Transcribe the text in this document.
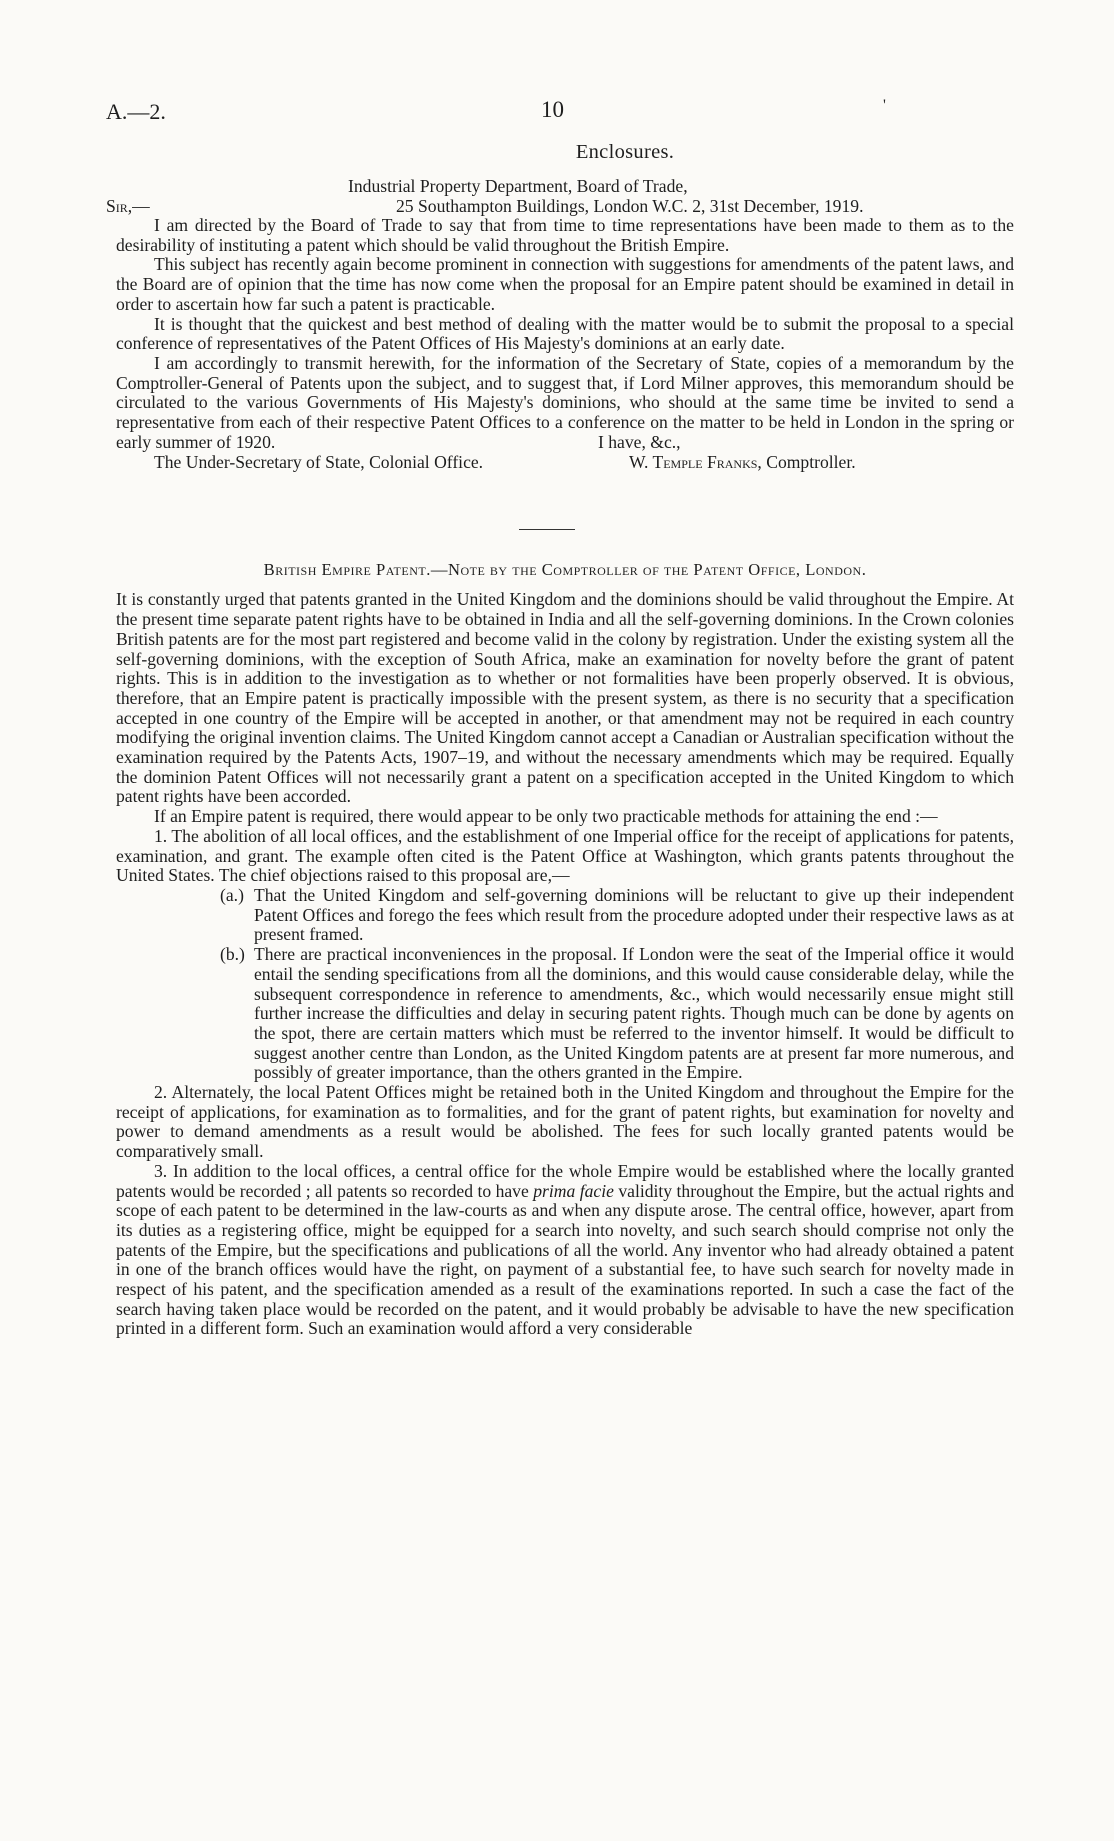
A.—2.	10	'
Enclosures.
Industrial Property Department, Board of Trade,
Sir,—	25 Southampton Buildings, London W.C. 2, 31st December, 1919.

I am directed by the Board of Trade to say that from time to time representations have been made to them as to the desirability of instituting a patent which should be valid throughout the British Empire.

This subject has recently again become prominent in connection with suggestions for amendments of the patent laws, and the Board are of opinion that the time has now come when the proposal for an Empire patent should be examined in detail in order to ascertain how far such a patent is practicable.

It is thought that the quickest and best method of dealing with the matter would be to submit the proposal to a special conference of representatives of the Patent Offices of His Majesty's dominions at an early date.

I am accordingly to transmit herewith, for the information of the Secretary of State, copies of a memorandum by the Comptroller-General of Patents upon the subject, and to suggest that, if Lord Milner approves, this memorandum should be circulated to the various Governments of His Majesty's dominions, who should at the same time be invited to send a representative from each of their respective Patent Offices to a conference on the matter to be held in London in the spring or early summer of 1920.	I have, &c.,
The Under-Secretary of State, Colonial Office.	W. Temple Franks, Comptroller.
British Empire Patent.—Note by the Comptroller of the Patent Office, London.

It is constantly urged that patents granted in the United Kingdom and the dominions should be valid throughout the Empire. At the present time separate patent rights have to be obtained in India and all the self-governing dominions. In the Crown colonies British patents are for the most part registered and become valid in the colony by registration. Under the existing system all the self-governing dominions, with the exception of South Africa, make an examination for novelty before the grant of patent rights. This is in addition to the investigation as to whether or not formalities have been properly observed. It is obvious, therefore, that an Empire patent is practically impossible with the present system, as there is no security that a specification accepted in one country of the Empire will be accepted in another, or that amendment may not be required in each country modifying the original invention claims. The United Kingdom cannot accept a Canadian or Australian specification without the examination required by the Patents Acts, 1907–19, and without the necessary amendments which may be required. Equally the dominion Patent Offices will not necessarily grant a patent on a specification accepted in the United Kingdom to which patent rights have been accorded.

If an Empire patent is required, there would appear to be only two practicable methods for attaining the end :—

1. The abolition of all local offices, and the establishment of one Imperial office for the receipt of applications for patents, examination, and grant. The example often cited is the Patent Office at Washington, which grants patents throughout the United States. The chief objections raised to this proposal are,—

(a.) That the United Kingdom and self-governing dominions will be reluctant to give up their independent Patent Offices and forego the fees which result from the procedure adopted under their respective laws as at present framed.

(b.) There are practical inconveniences in the proposal. If London were the seat of the Imperial office it would entail the sending specifications from all the dominions, and this would cause considerable delay, while the subsequent correspondence in reference to amendments, &c., which would necessarily ensue might still further increase the difficulties and delay in securing patent rights. Though much can be done by agents on the spot, there are certain matters which must be referred to the inventor himself. It would be difficult to suggest another centre than London, as the United Kingdom patents are at present far more numerous, and possibly of greater importance, than the others granted in the Empire.

2. Alternately, the local Patent Offices might be retained both in the United Kingdom and throughout the Empire for the receipt of applications, for examination as to formalities, and for the grant of patent rights, but examination for novelty and power to demand amendments as a result would be abolished. The fees for such locally granted patents would be comparatively small.

3. In addition to the local offices, a central office for the whole Empire would be established where the locally granted patents would be recorded ; all patents so recorded to have prima facie validity throughout the Empire, but the actual rights and scope of each patent to be determined in the law-courts as and when any dispute arose. The central office, however, apart from its duties as a registering office, might be equipped for a search into novelty, and such search should comprise not only the patents of the Empire, but the specifications and publications of all the world. Any inventor who had already obtained a patent in one of the branch offices would have the right, on payment of a substantial fee, to have such search for novelty made in respect of his patent, and the specification amended as a result of the examinations reported. In such a case the fact of the search having taken place would be recorded on the patent, and it would probably be advisable to have the new specification printed in a different form. Such an examination would afford a very considerable
